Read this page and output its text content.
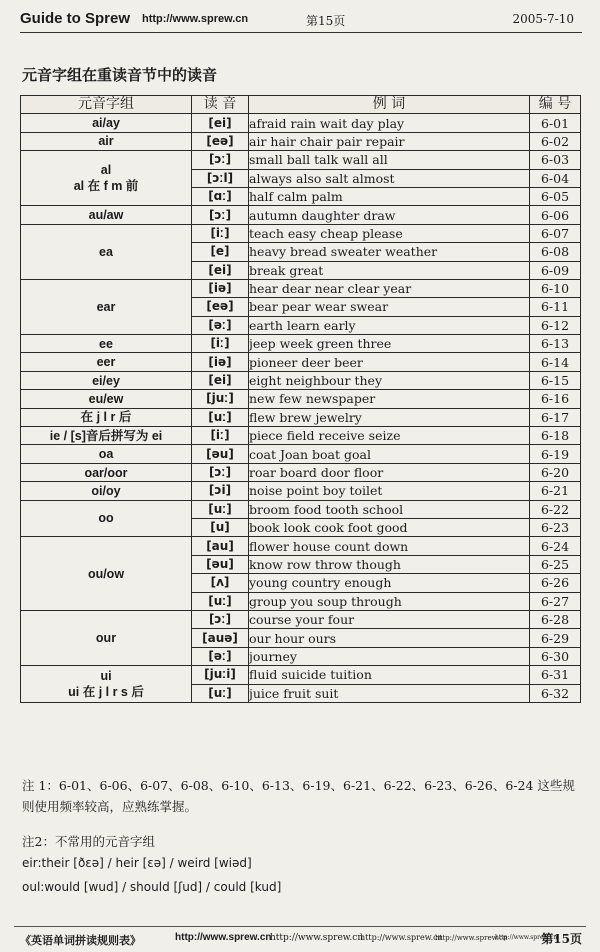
Guide to Sprew http://www.sprew.cn	第15页	2005-7-10
元音字组在重读音节中的读音
元音字组	读 音	例 词	编 号

ai/ay	[ei]	afraid rain wait day play	6-01

air	[eə]	air hair chair pair repair	6-02

al
al 在 f m 前	[ɔː]	small ball talk wall all	6-03
	[ɔːl]	always also salt almost	6-04
	[ɑː]	half calm palm	6-05

au/aw	[ɔː]	autumn daughter draw	6-06

ea	[iː]	teach easy cheap please	6-07
	[e]	heavy bread sweater weather	6-08
	[ei]	break great	6-09

ear	[iə]	hear dear near clear year	6-10
	[eə]	bear pear wear swear	6-11
	[əː]	earth learn early	6-12

ee	[iː]	jeep week green three	6-13

eer	[iə]	pioneer deer beer	6-14

ei/ey	[ei]	eight neighbour they	6-15

eu/ew	[juː]	new few newspaper	6-16

在 j l r 后	[uː]	flew brew jewelry	6-17

ie / [s]音后拼写为 ei	[iː]	piece field receive seize	6-18

oa	[əu]	coat Joan boat goal	6-19

oar/oor	[ɔː]	roar board door floor	6-20

oi/oy	[ɔi]	noise point boy toilet	6-21

oo	[uː]	broom food tooth school	6-22
	[u]	book look cook foot good	6-23

ou/ow	[au]	flower house count down	6-24
	[əu]	know row throw though	6-25
	[ʌ]	young country enough	6-26
	[uː]	group you soup through	6-27

our	[ɔː]	course your four	6-28
	[auə]	our hour ours	6-29
	[əː]	journey	6-30

ui
ui 在 j l r s 后	[juːi]	fluid suicide tuition	6-31
	[uː]	juice fruit suit	6-32
注 1：6-01、6-06、6-07、6-08、6-10、6-13、6-19、6-21、6-22、6-23、6-26、6-24 这些规则使用频率较高，应熟练掌握。
注2：不常用的元音字组
eir:their [ðɛə] / heir [ɛə] / weird [wiəd]
oul:would [wud] / should [ʃud] / could [kud]
《英语单词拼读规则表》	http://www.sprew.cn
http://www.sprew.cn
http://www.sprew.cn
http://www.sprew.cn
http://www.sprew.cn
第15页
